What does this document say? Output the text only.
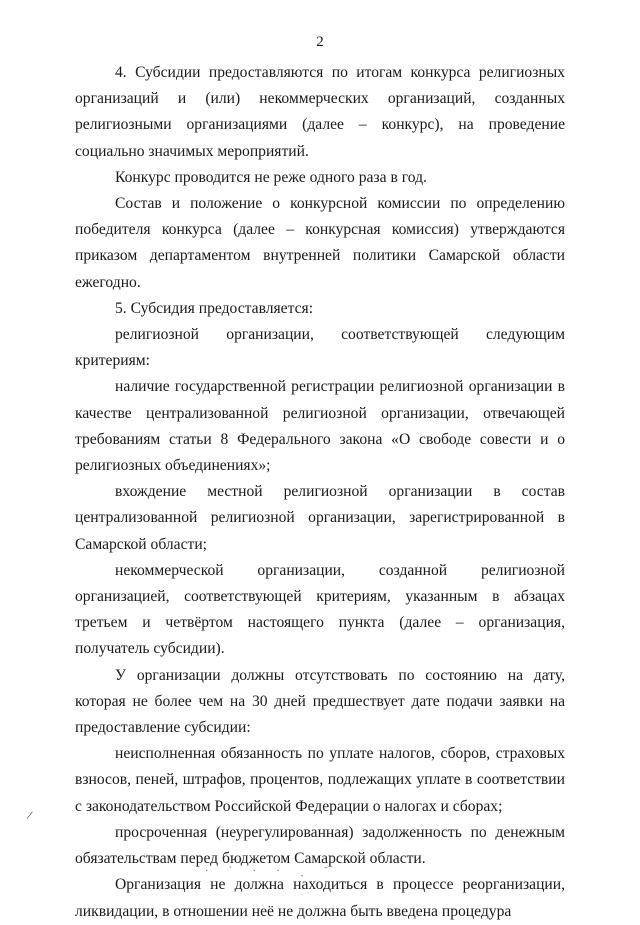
2

4. Субсидии предоставляются по итогам конкурса религиозных организаций и (или) некоммерческих организаций, созданных религиозными организациями (далее – конкурс), на проведение социально значимых мероприятий.

Конкурс проводится не реже одного раза в год.

Состав и положение о конкурсной комиссии по определению победителя конкурса (далее – конкурсная комиссия) утверждаются приказом департаментом внутренней политики Самарской области ежегодно.

5. Субсидия предоставляется:

религиозной организации, соответствующей следующим критериям:

наличие государственной регистрации религиозной организации в качестве централизованной религиозной организации, отвечающей требованиям статьи 8 Федерального закона «О свободе совести и о религиозных объединениях»;

вхождение местной религиозной организации в состав централизованной религиозной организации, зарегистрированной в Самарской области;

некоммерческой организации, созданной религиозной организацией, соответствующей критериям, указанным в абзацах третьем и четвёртом настоящего пункта (далее – организация, получатель субсидии).

У организации должны отсутствовать по состоянию на дату, которая не более чем на 30 дней предшествует дате подачи заявки на предоставление субсидии:

неисполненная обязанность по уплате налогов, сборов, страховых взносов, пеней, штрафов, процентов, подлежащих уплате в соответствии с законодательством Российской Федерации о налогах и сборах;

просроченная (неурегулированная) задолженность по денежным обязательствам перед бюджетом Самарской области.

Организация не должна находиться в процессе реорганизации, ликвидации, в отношении неё не должна быть введена процедура

/
· ˋ · · ˎ ˉ
